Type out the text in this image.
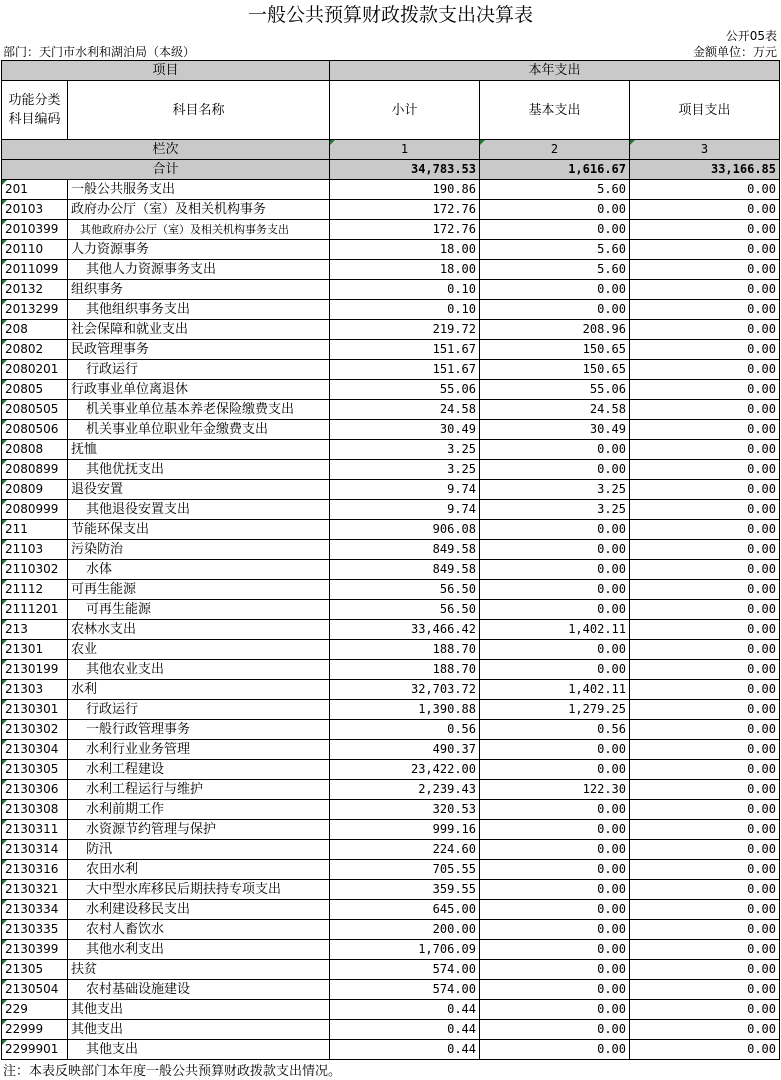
一般公共预算财政拨款支出决算表
公开05表
部门：天门市水利和湖泊局（本级）	金额单位：万元
项目		本年支出		
功能分类科目编码	科目名称	小计	基本支出	项目支出
栏次		1	2	3
合计		34,783.53	1,616.67	33,166.85
201	一般公共服务支出	190.86	5.60	0.00
20103	政府办公厅（室）及相关机构事务	172.76	0.00	0.00
2010399	其他政府办公厅（室）及相关机构事务支出	172.76	0.00	0.00
20110	人力资源事务	18.00	5.60	0.00
2011099	其他人力资源事务支出	18.00	5.60	0.00
20132	组织事务	0.10	0.00	0.00
2013299	其他组织事务支出	0.10	0.00	0.00
208	社会保障和就业支出	219.72	208.96	0.00
20802	民政管理事务	151.67	150.65	0.00
2080201	行政运行	151.67	150.65	0.00
20805	行政事业单位离退休	55.06	55.06	0.00
2080505	机关事业单位基本养老保险缴费支出	24.58	24.58	0.00
2080506	机关事业单位职业年金缴费支出	30.49	30.49	0.00
20808	抚恤	3.25	0.00	0.00
2080899	其他优抚支出	3.25	0.00	0.00
20809	退役安置	9.74	3.25	0.00
2080999	其他退役安置支出	9.74	3.25	0.00
211	节能环保支出	906.08	0.00	0.00
21103	污染防治	849.58	0.00	0.00
2110302	水体	849.58	0.00	0.00
21112	可再生能源	56.50	0.00	0.00
2111201	可再生能源	56.50	0.00	0.00
213	农林水支出	33,466.42	1,402.11	0.00
21301	农业	188.70	0.00	0.00
2130199	其他农业支出	188.70	0.00	0.00
21303	水利	32,703.72	1,402.11	0.00
2130301	行政运行	1,390.88	1,279.25	0.00
2130302	一般行政管理事务	0.56	0.56	0.00
2130304	水利行业业务管理	490.37	0.00	0.00
2130305	水利工程建设	23,422.00	0.00	0.00
2130306	水利工程运行与维护	2,239.43	122.30	0.00
2130308	水利前期工作	320.53	0.00	0.00
2130311	水资源节约管理与保护	999.16	0.00	0.00
2130314	防汛	224.60	0.00	0.00
2130316	农田水利	705.55	0.00	0.00
2130321	大中型水库移民后期扶持专项支出	359.55	0.00	0.00
2130334	水利建设移民支出	645.00	0.00	0.00
2130335	农村人畜饮水	200.00	0.00	0.00
2130399	其他水利支出	1,706.09	0.00	0.00
21305	扶贫	574.00	0.00	0.00
2130504	农村基础设施建设	574.00	0.00	0.00
229	其他支出	0.44	0.00	0.00
22999	其他支出	0.44	0.00	0.00
2299901	其他支出	0.44	0.00	0.00
注：本表反映部门本年度一般公共预算财政拨款支出情况。
